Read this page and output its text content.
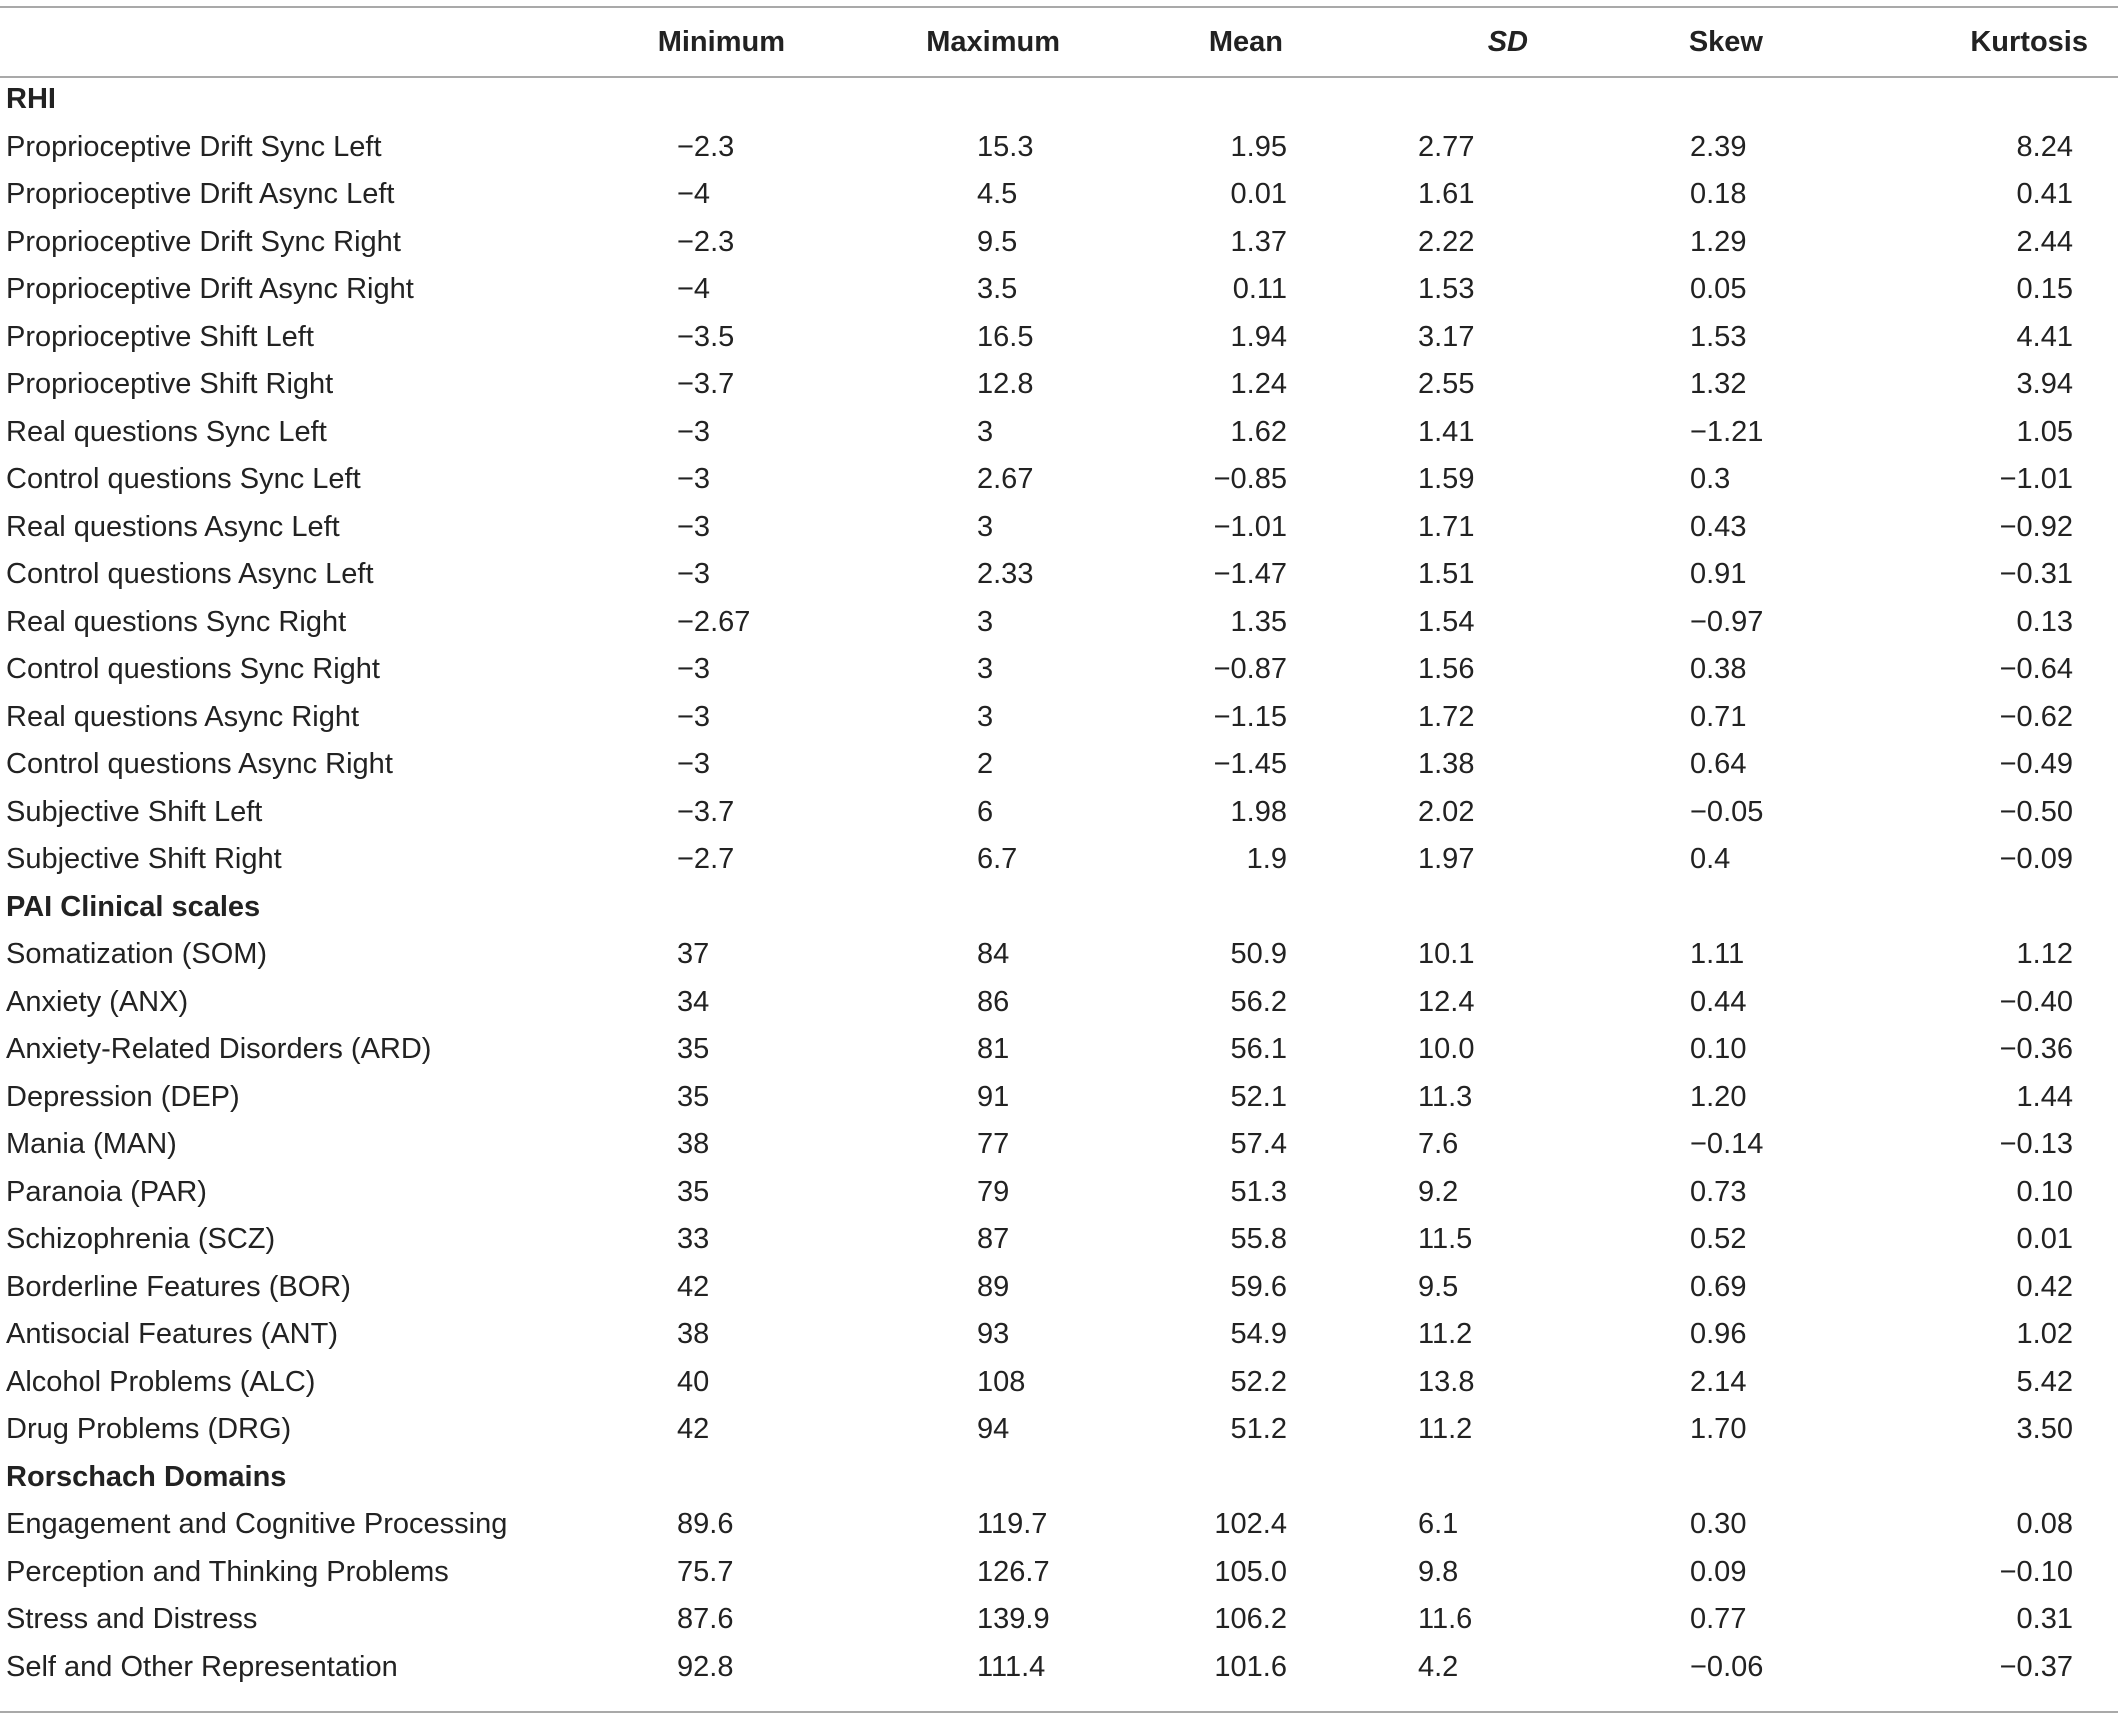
	Minimum	Maximum	Mean	SD	Skew	Kurtosis
RHI						
Proprioceptive Drift Sync Left	−2.3	15.3	1.95	2.77	2.39	8.24
Proprioceptive Drift Async Left	−4	4.5	0.01	1.61	0.18	0.41
Proprioceptive Drift Sync Right	−2.3	9.5	1.37	2.22	1.29	2.44
Proprioceptive Drift Async Right	−4	3.5	0.11	1.53	0.05	0.15
Proprioceptive Shift Left	−3.5	16.5	1.94	3.17	1.53	4.41
Proprioceptive Shift Right	−3.7	12.8	1.24	2.55	1.32	3.94
Real questions Sync Left	−3	3	1.62	1.41	−1.21	1.05
Control questions Sync Left	−3	2.67	−0.85	1.59	0.3	−1.01
Real questions Async Left	−3	3	−1.01	1.71	0.43	−0.92
Control questions Async Left	−3	2.33	−1.47	1.51	0.91	−0.31
Real questions Sync Right	−2.67	3	1.35	1.54	−0.97	0.13
Control questions Sync Right	−3	3	−0.87	1.56	0.38	−0.64
Real questions Async Right	−3	3	−1.15	1.72	0.71	−0.62
Control questions Async Right	−3	2	−1.45	1.38	0.64	−0.49
Subjective Shift Left	−3.7	6	1.98	2.02	−0.05	−0.50
Subjective Shift Right	−2.7	6.7	1.9	1.97	0.4	−0.09
PAI Clinical scales						
Somatization (SOM)	37	84	50.9	10.1	1.11	1.12
Anxiety (ANX)	34	86	56.2	12.4	0.44	−0.40
Anxiety-Related Disorders (ARD)	35	81	56.1	10.0	0.10	−0.36
Depression (DEP)	35	91	52.1	11.3	1.20	1.44
Mania (MAN)	38	77	57.4	7.6	−0.14	−0.13
Paranoia (PAR)	35	79	51.3	9.2	0.73	0.10
Schizophrenia (SCZ)	33	87	55.8	11.5	0.52	0.01
Borderline Features (BOR)	42	89	59.6	9.5	0.69	0.42
Antisocial Features (ANT)	38	93	54.9	11.2	0.96	1.02
Alcohol Problems (ALC)	40	108	52.2	13.8	2.14	5.42
Drug Problems (DRG)	42	94	51.2	11.2	1.70	3.50
Rorschach Domains						
Engagement and Cognitive Processing	89.6	119.7	102.4	6.1	0.30	0.08
Perception and Thinking Problems	75.7	126.7	105.0	9.8	0.09	−0.10
Stress and Distress	87.6	139.9	106.2	11.6	0.77	0.31
Self and Other Representation	92.8	111.4	101.6	4.2	−0.06	−0.37
